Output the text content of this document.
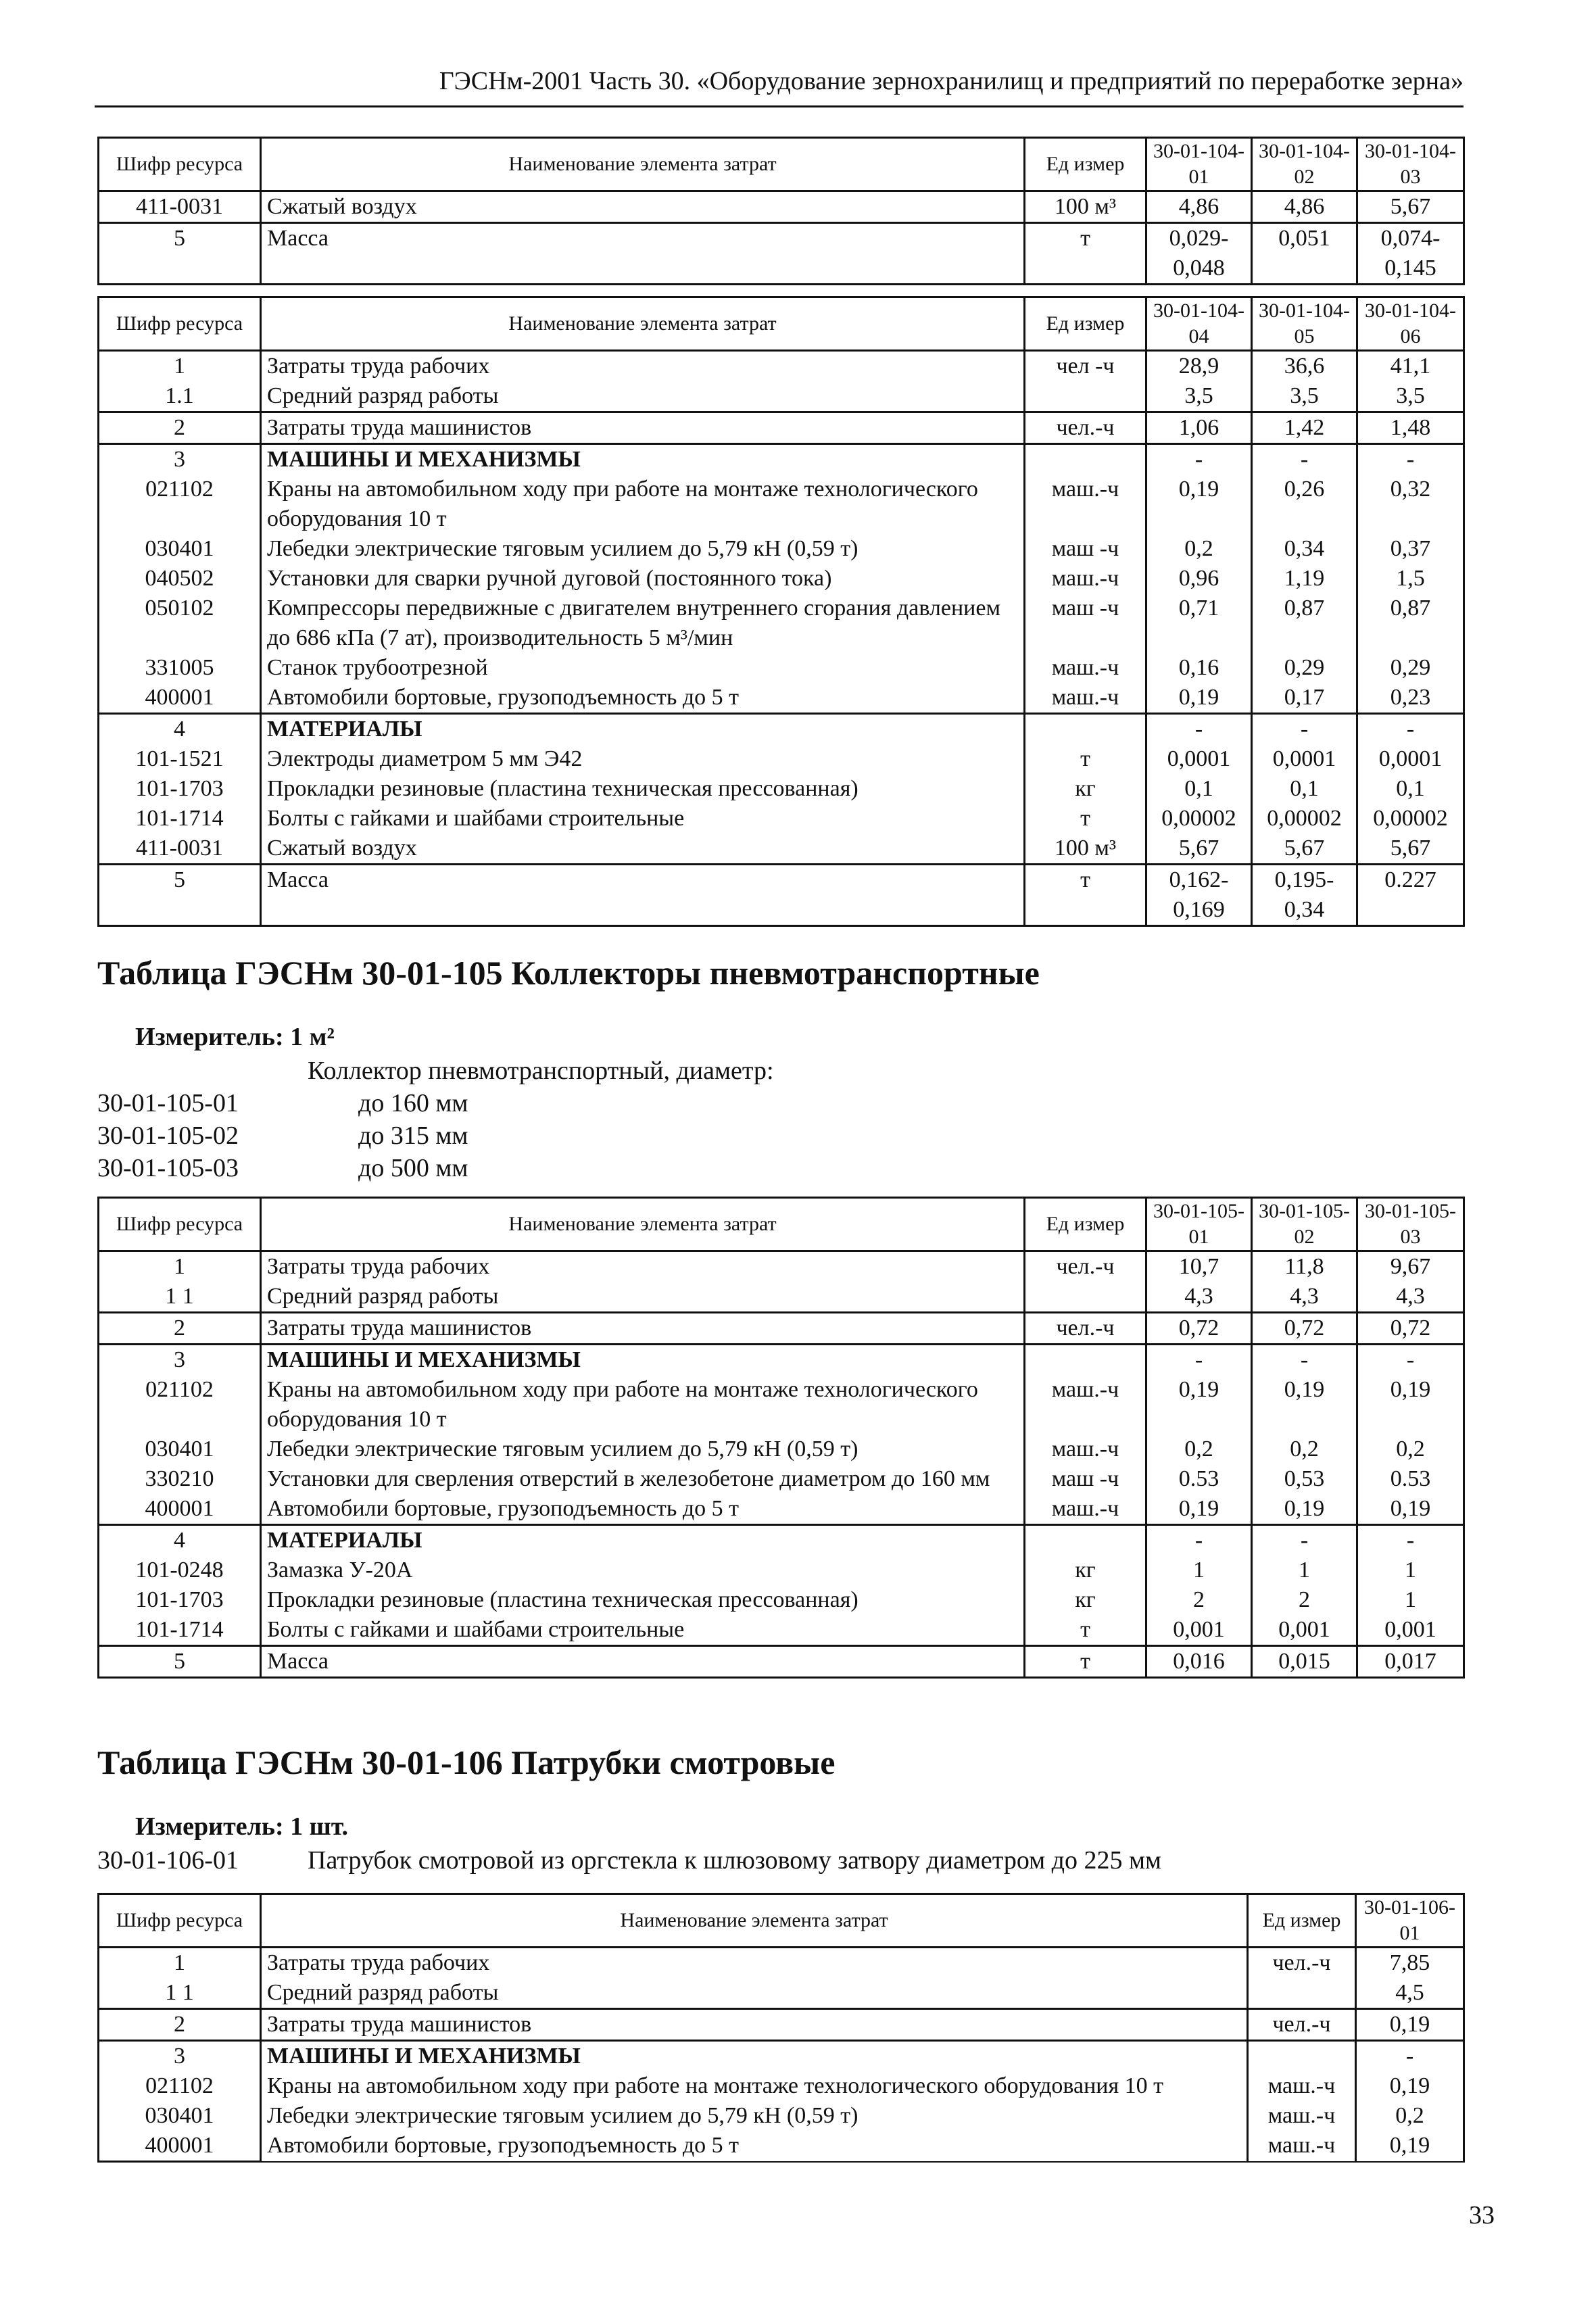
ГЭСНм-2001 Часть 30. «Оборудование зернохранилищ и предприятий по переработке зерна»
Шифр ресурса	Наименование элемента затрат	Ед измер	30-01-104-01	30-01-104-02	30-01-104-03
411-0031	Сжатый воздух	100 м³	4,86	4,86	5,67
5	Масса	т	0,029-0,048	0,051	0,074-0,145
Шифр ресурса	Наименование элемента затрат	Ед измер	30-01-104-04	30-01-104-05	30-01-104-06
1	Затраты труда рабочих	чел -ч	28,9	36,6	41,1
1.1	Средний разряд работы		3,5	3,5	3,5
2	Затраты труда машинистов	чел.-ч	1,06	1,42	1,48
3	МАШИНЫ И МЕХАНИЗМЫ		-	-	-
021102	Краны на автомобильном ходу при работе на монтаже технологического оборудования 10 т	маш.-ч	0,19	0,26	0,32
030401	Лебедки электрические тяговым усилием до 5,79 кН (0,59 т)	маш -ч	0,2	0,34	0,37
040502	Установки для сварки ручной дуговой (постоянного тока)	маш.-ч	0,96	1,19	1,5
050102	Компрессоры передвижные с двигателем внутреннего сгорания давлением до 686 кПа (7 ат), производительность 5 м³/мин	маш -ч	0,71	0,87	0,87
331005	Станок трубоотрезной	маш.-ч	0,16	0,29	0,29
400001	Автомобили бортовые, грузоподъемность до 5 т	маш.-ч	0,19	0,17	0,23
4	МАТЕРИАЛЫ		-	-	-
101-1521	Электроды диаметром 5 мм Э42	т	0,0001	0,0001	0,0001
101-1703	Прокладки резиновые (пластина техническая прессованная)	кг	0,1	0,1	0,1
101-1714	Болты с гайками и шайбами строительные	т	0,00002	0,00002	0,00002
411-0031	Сжатый воздух	100 м³	5,67	5,67	5,67
5	Масса	т	0,162-0,169	0,195-0,34	0.227
Таблица ГЭСНм 30-01-105 Коллекторы пневмотранспортные
Измеритель: 1 м²
Коллектор пневмотранспортный, диаметр:
30-01-105-01	до 160 мм
30-01-105-02	до 315 мм
30-01-105-03	до 500 мм
Шифр ресурса	Наименование элемента затрат	Ед измер	30-01-105-01	30-01-105-02	30-01-105-03
1	Затраты труда рабочих	чел.-ч	10,7	11,8	9,67
1 1	Средний разряд работы		4,3	4,3	4,3
2	Затраты труда машинистов	чел.-ч	0,72	0,72	0,72
3	МАШИНЫ И МЕХАНИЗМЫ		-	-	-
021102	Краны на автомобильном ходу при работе на монтаже технологического оборудования 10 т	маш.-ч	0,19	0,19	0,19
030401	Лебедки электрические тяговым усилием до 5,79 кН (0,59 т)	маш.-ч	0,2	0,2	0,2
330210	Установки для сверления отверстий в железобетоне диаметром до 160 мм	маш -ч	0.53	0,53	0.53
400001	Автомобили бортовые, грузоподъемность до 5 т	маш.-ч	0,19	0,19	0,19
4	МАТЕРИАЛЫ		-	-	-
101-0248	Замазка У-20А	кг	1	1	1
101-1703	Прокладки резиновые (пластина техническая прессованная)	кг	2	2	1
101-1714	Болты с гайками и шайбами строительные	т	0,001	0,001	0,001
5	Масса	т	0,016	0,015	0,017
Таблица ГЭСНм 30-01-106 Патрубки смотровые
Измеритель: 1 шт.
30-01-106-01	Патрубок смотровой из оргстекла к шлюзовому затвору диаметром до 225 мм
Шифр ресурса	Наименование элемента затрат	Ед измер	30-01-106-01
1	Затраты труда рабочих	чел.-ч	7,85
1 1	Средний разряд работы		4,5
2	Затраты труда машинистов	чел.-ч	0,19
3	МАШИНЫ И МЕХАНИЗМЫ		-
021102	Краны на автомобильном ходу при работе на монтаже технологического оборудования 10 т	маш.-ч	0,19
030401	Лебедки электрические тяговым усилием до 5,79 кН (0,59 т)	маш.-ч	0,2
400001	Автомобили бортовые, грузоподъемность до 5 т	маш.-ч	0,19
33
